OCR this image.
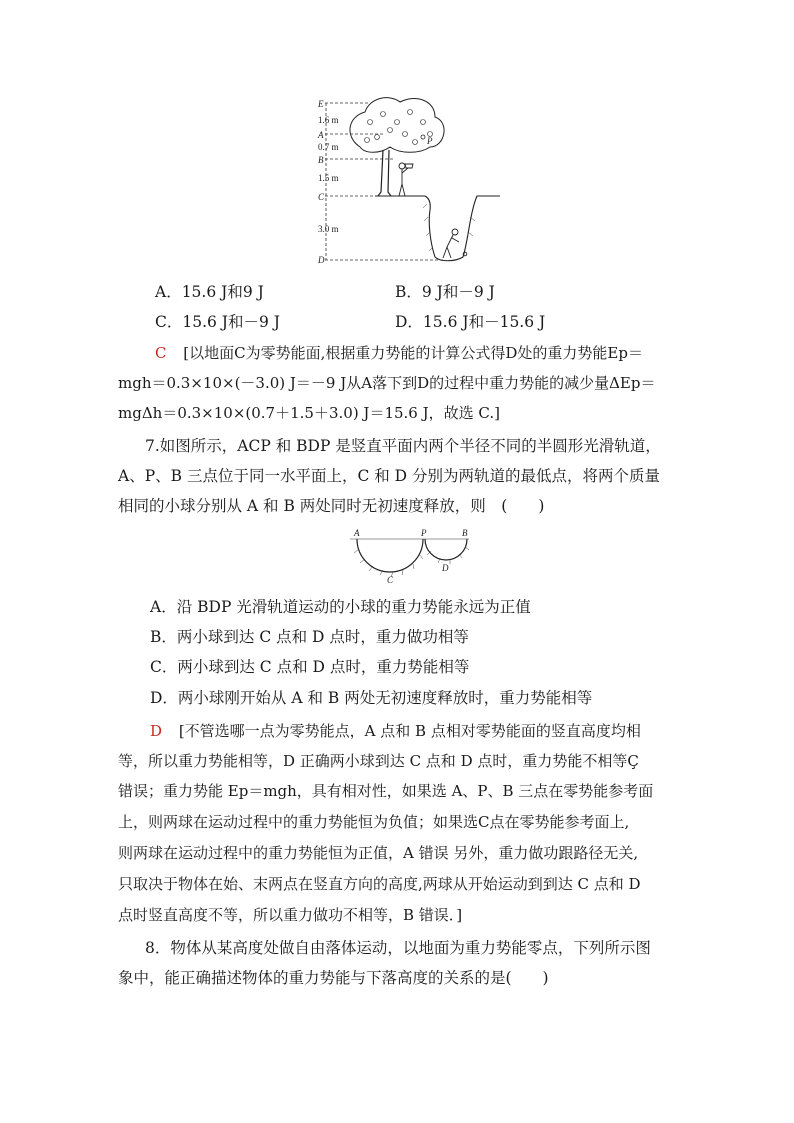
E
A
B
C
D
P
1.6 m
0.7 m
1.5 m
3.0 m
A．15.6 J和9 J	B．9 J和－9 J
C．15.6 J和－9 J	D．15.6 J和－15.6 J
C [以地面C为零势能面,根据重力势能的计算公式得D处的重力势能Ep＝
mgh＝0.3×10×(－3.0) J＝－9 J从A落下到D的过程中重力势能的减少量ΔEp＝
mgΔh＝0.3×10×(0.7＋1.5＋3.0) J＝15.6 J，故选 C.]
7.如图所示，ACP 和 BDP 是竖直平面内两个半径不同的半圆形光滑轨道，
A、P、B 三点位于同一水平面上，C 和 D 分别为两轨道的最低点，将两个质量
相同的小球分别从 A 和 B 两处同时无初速度释放，则　(　　)
A	P	B
C
D
A．沿 BDP 光滑轨道运动的小球的重力势能永远为正值
B．两小球到达 C 点和 D 点时，重力做功相等
C．两小球到达 C 点和 D 点时，重力势能相等
D．两小球刚开始从 A 和 B 两处无初速度释放时，重力势能相等
D [不管选哪一点为零势能点，A 点和 B 点相对零势能面的竖直高度均相
等，所以重力势能相等，D 正确两小球到达 C 点和 D 点时，重力势能不相等Ç
错误；重力势能 Ep＝mgh，具有相对性，如果选 A、P、B 三点在零势能参考面
上，则两球在运动过程中的重力势能恒为负值；如果选C点在零势能参考面上,
则两球在运动过程中的重力势能恒为正值，A 错误 另外，重力做功跟路径无关,
只取决于物体在始、末两点在竖直方向的高度,两球从开始运动到到达 C 点和 D
点时竖直高度不等，所以重力做功不相等，B 错误．]
8．物体从某高度处做自由落体运动，以地面为重力势能零点，下列所示图
象中，能正确描述物体的重力势能与下落高度的关系的是(　　)
